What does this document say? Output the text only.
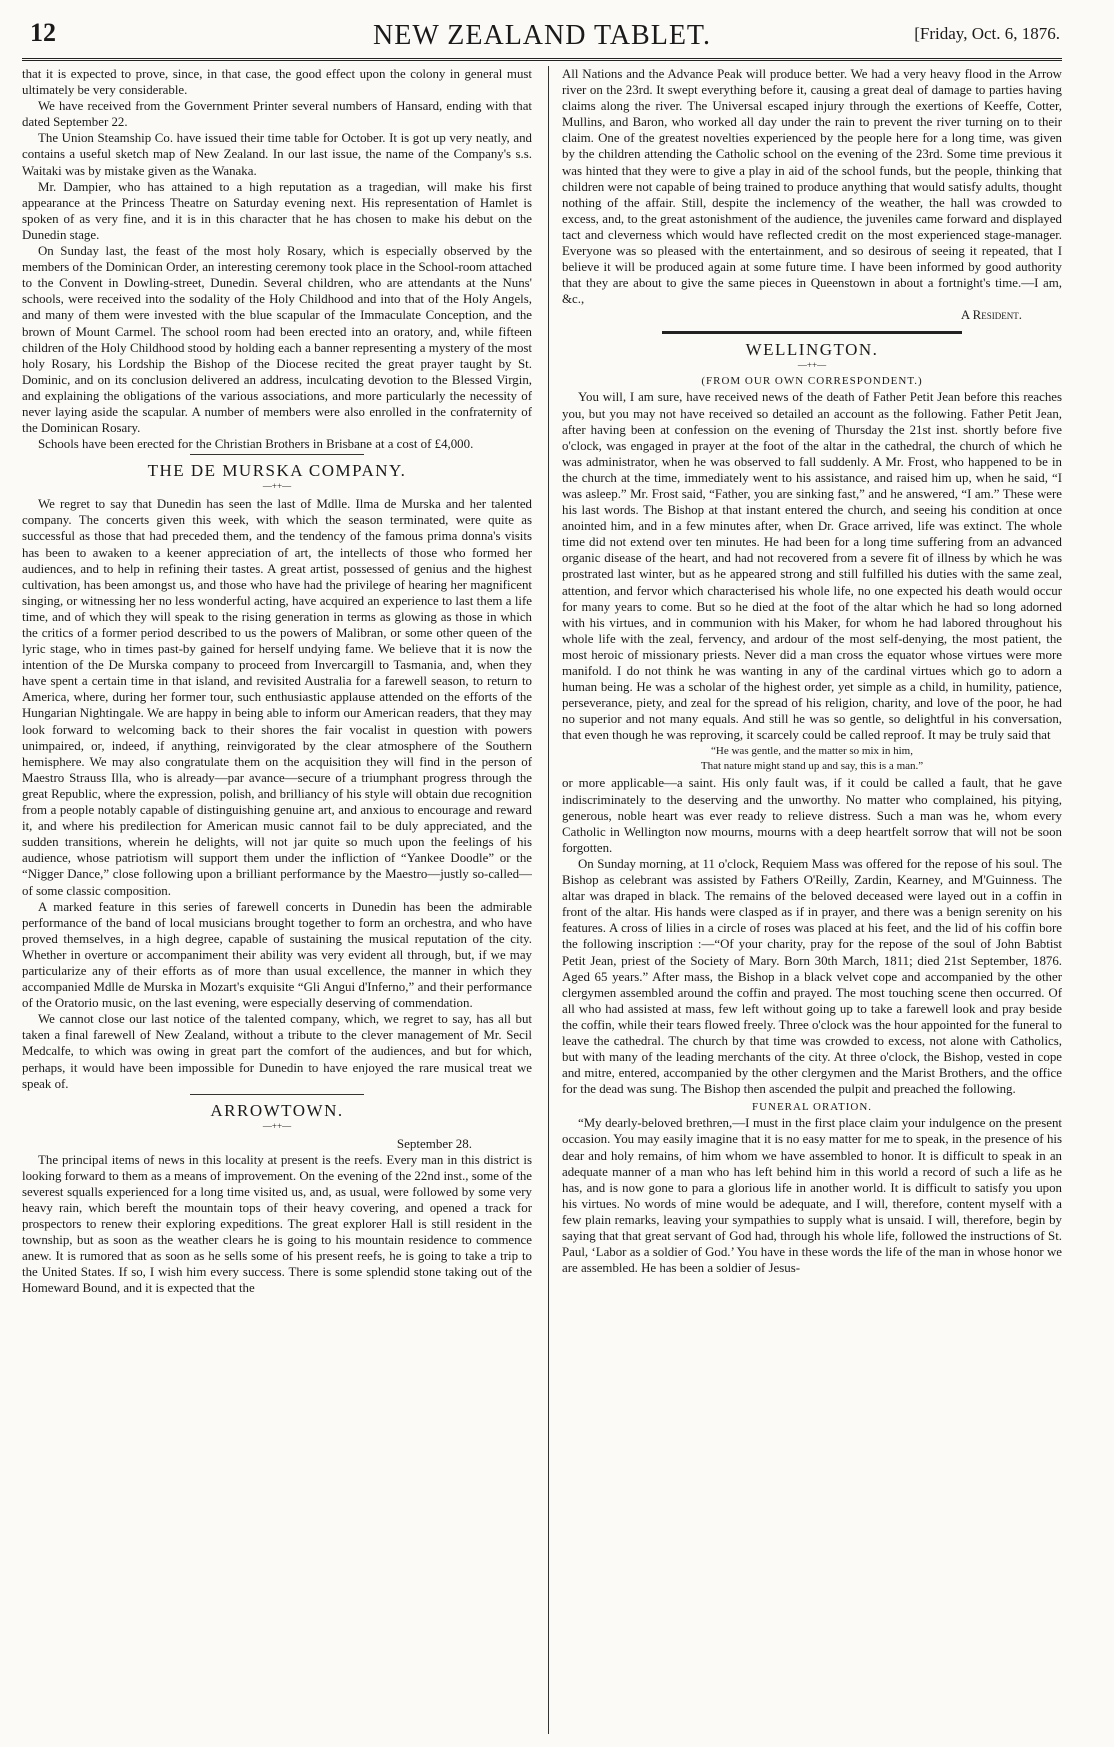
12	NEW ZEALAND TABLET.	[Friday, Oct. 6, 1876.

that it is expected to prove, since, in that case, the good effect upon the colony in general must ultimately be very considerable.

We have received from the Government Printer several numbers of Hansard, ending with that dated September 22.

The Union Steamship Co. have issued their time table for October. It is got up very neatly, and contains a useful sketch map of New Zealand. In our last issue, the name of the Company's s.s. Waitaki was by mistake given as the Wanaka.

Mr. Dampier, who has attained to a high reputation as a tragedian, will make his first appearance at the Princess Theatre on Saturday evening next. His representation of Hamlet is spoken of as very fine, and it is in this character that he has chosen to make his debut on the Dunedin stage.

On Sunday last, the feast of the most holy Rosary, which is especially observed by the members of the Dominican Order, an interesting ceremony took place in the School-room attached to the Convent in Dowling-street, Dunedin. Several children, who are attendants at the Nuns' schools, were received into the sodality of the Holy Childhood and into that of the Holy Angels, and many of them were invested with the blue scapular of the Immaculate Conception, and the brown of Mount Carmel. The school room had been erected into an oratory, and, while fifteen children of the Holy Childhood stood by holding each a banner representing a mystery of the most holy Rosary, his Lordship the Bishop of the Diocese recited the great prayer taught by St. Dominic, and on its conclusion delivered an address, inculcating devotion to the Blessed Virgin, and explaining the obligations of the various associations, and more particularly the necessity of never laying aside the scapular. A number of members were also enrolled in the confraternity of the Dominican Rosary.

Schools have been erected for the Christian Brothers in Brisbane at a cost of £4,000.

THE DE MURSKA COMPANY.
—++—

We regret to say that Dunedin has seen the last of Mdlle. Ilma de Murska and her talented company. The concerts given this week, with which the season terminated, were quite as successful as those that had preceded them, and the tendency of the famous prima donna's visits has been to awaken to a keener appreciation of art, the intellects of those who formed her audiences, and to help in refining their tastes. A great artist, possessed of genius and the highest cultivation, has been amongst us, and those who have had the privilege of hearing her magnificent singing, or witnessing her no less wonderful acting, have acquired an experience to last them a life time, and of which they will speak to the rising generation in terms as glowing as those in which the critics of a former period described to us the powers of Malibran, or some other queen of the lyric stage, who in times past-by gained for herself undying fame. We believe that it is now the intention of the De Murska company to proceed from Invercargill to Tasmania, and, when they have spent a certain time in that island, and revisited Australia for a farewell season, to return to America, where, during her former tour, such enthusiastic applause attended on the efforts of the Hungarian Nightingale. We are happy in being able to inform our American readers, that they may look forward to welcoming back to their shores the fair vocalist in question with powers unimpaired, or, indeed, if anything, reinvigorated by the clear atmosphere of the Southern hemisphere. We may also congratulate them on the acquisition they will find in the person of Maestro Strauss Illa, who is already—par avance—secure of a triumphant progress through the great Republic, where the expression, polish, and brilliancy of his style will obtain due recognition from a people notably capable of distinguishing genuine art, and anxious to encourage and reward it, and where his predilection for American music cannot fail to be duly appreciated, and the sudden transitions, wherein he delights, will not jar quite so much upon the feelings of his audience, whose patriotism will support them under the infliction of “Yankee Doodle” or the “Nigger Dance,” close following upon a brilliant performance by the Maestro—justly so-called—of some classic composition.

A marked feature in this series of farewell concerts in Dunedin has been the admirable performance of the band of local musicians brought together to form an orchestra, and who have proved themselves, in a high degree, capable of sustaining the musical reputation of the city. Whether in overture or accompaniment their ability was very evident all through, but, if we may particularize any of their efforts as of more than usual excellence, the manner in which they accompanied Mdlle de Murska in Mozart's exquisite “Gli Angui d'Inferno,” and their performance of the Oratorio music, on the last evening, were especially deserving of commendation.

We cannot close our last notice of the talented company, which, we regret to say, has all but taken a final farewell of New Zealand, without a tribute to the clever management of Mr. Secil Medcalfe, to which was owing in great part the comfort of the audiences, and but for which, perhaps, it would have been impossible for Dunedin to have enjoyed the rare musical treat we speak of.

ARROWTOWN.
—++—
September 28.

The principal items of news in this locality at present is the reefs. Every man in this district is looking forward to them as a means of improvement. On the evening of the 22nd inst., some of the severest squalls experienced for a long time visited us, and, as usual, were followed by some very heavy rain, which bereft the mountain tops of their heavy covering, and opened a track for prospectors to renew their exploring expeditions. The great explorer Hall is still resident in the township, but as soon as the weather clears he is going to his mountain residence to commence anew. It is rumored that as soon as he sells some of his present reefs, he is going to take a trip to the United States. If so, I wish him every success. There is some splendid stone taking out of the Homeward Bound, and it is expected that the

All Nations and the Advance Peak will produce better. We had a very heavy flood in the Arrow river on the 23rd. It swept everything before it, causing a great deal of damage to parties having claims along the river. The Universal escaped injury through the exertions of Keeffe, Cotter, Mullins, and Baron, who worked all day under the rain to prevent the river turning on to their claim. One of the greatest novelties experienced by the people here for a long time, was given by the children attending the Catholic school on the evening of the 23rd. Some time previous it was hinted that they were to give a play in aid of the school funds, but the people, thinking that children were not capable of being trained to produce anything that would satisfy adults, thought nothing of the affair. Still, despite the inclemency of the weather, the hall was crowded to excess, and, to the great astonishment of the audience, the juveniles came forward and displayed tact and cleverness which would have reflected credit on the most experienced stage-manager. Everyone was so pleased with the entertainment, and so desirous of seeing it repeated, that I believe it will be produced again at some future time. I have been informed by good authority that they are about to give the same pieces in Queenstown in about a fortnight's time.—I am, &c.,

A Resident.
WELLINGTON.
—++—
(FROM OUR OWN CORRESPONDENT.)

You will, I am sure, have received news of the death of Father Petit Jean before this reaches you, but you may not have received so detailed an account as the following. Father Petit Jean, after having been at confession on the evening of Thursday the 21st inst. shortly before five o'clock, was engaged in prayer at the foot of the altar in the cathedral, the church of which he was administrator, when he was observed to fall suddenly. A Mr. Frost, who happened to be in the church at the time, immediately went to his assistance, and raised him up, when he said, “I was asleep.” Mr. Frost said, “Father, you are sinking fast,” and he answered, “I am.” These were his last words. The Bishop at that instant entered the church, and seeing his condition at once anointed him, and in a few minutes after, when Dr. Grace arrived, life was extinct. The whole time did not extend over ten minutes. He had been for a long time suffering from an advanced organic disease of the heart, and had not recovered from a severe fit of illness by which he was prostrated last winter, but as he appeared strong and still fulfilled his duties with the same zeal, attention, and fervor which characterised his whole life, no one expected his death would occur for many years to come. But so he died at the foot of the altar which he had so long adorned with his virtues, and in communion with his Maker, for whom he had labored throughout his whole life with the zeal, fervency, and ardour of the most self-denying, the most patient, the most heroic of missionary priests. Never did a man cross the equator whose virtues were more manifold. I do not think he was wanting in any of the cardinal virtues which go to adorn a human being. He was a scholar of the highest order, yet simple as a child, in humility, patience, perseverance, piety, and zeal for the spread of his religion, charity, and love of the poor, he had no superior and not many equals. And still he was so gentle, so delightful in his conversation, that even though he was reproving, it scarcely could be called reproof. It may be truly said that

“He was gentle, and the matter so mix in him,
That nature might stand up and say, this is a man.”

or more applicable—a saint. His only fault was, if it could be called a fault, that he gave indiscriminately to the deserving and the unworthy. No matter who complained, his pitying, generous, noble heart was ever ready to relieve distress. Such a man was he, whom every Catholic in Wellington now mourns, mourns with a deep heartfelt sorrow that will not be soon forgotten.

On Sunday morning, at 11 o'clock, Requiem Mass was offered for the repose of his soul. The Bishop as celebrant was assisted by Fathers O'Reilly, Zardin, Kearney, and M'Guinness. The altar was draped in black. The remains of the beloved deceased were layed out in a coffin in front of the altar. His hands were clasped as if in prayer, and there was a benign serenity on his features. A cross of lilies in a circle of roses was placed at his feet, and the lid of his coffin bore the following inscription :—“Of your charity, pray for the repose of the soul of John Babtist Petit Jean, priest of the Society of Mary. Born 30th March, 1811; died 21st September, 1876. Aged 65 years.” After mass, the Bishop in a black velvet cope and accompanied by the other clergymen assembled around the coffin and prayed. The most touching scene then occurred. Of all who had assisted at mass, few left without going up to take a farewell look and pray beside the coffin, while their tears flowed freely. Three o'clock was the hour appointed for the funeral to leave the cathedral. The church by that time was crowded to excess, not alone with Catholics, but with many of the leading merchants of the city. At three o'clock, the Bishop, vested in cope and mitre, entered, accompanied by the other clergymen and the Marist Brothers, and the office for the dead was sung. The Bishop then ascended the pulpit and preached the following.

FUNERAL ORATION.

“My dearly-beloved brethren,—I must in the first place claim your indulgence on the present occasion. You may easily imagine that it is no easy matter for me to speak, in the presence of his dear and holy remains, of him whom we have assembled to honor. It is difficult to speak in an adequate manner of a man who has left behind him in this world a record of such a life as he has, and is now gone to para a glorious life in another world. It is difficult to satisfy you upon his virtues. No words of mine would be adequate, and I will, therefore, content myself with a few plain remarks, leaving your sympathies to supply what is unsaid. I will, therefore, begin by saying that that great servant of God had, through his whole life, followed the instructions of St. Paul, ‘Labor as a soldier of God.’ You have in these words the life of the man in whose honor we are assembled. He has been a soldier of Jesus-
